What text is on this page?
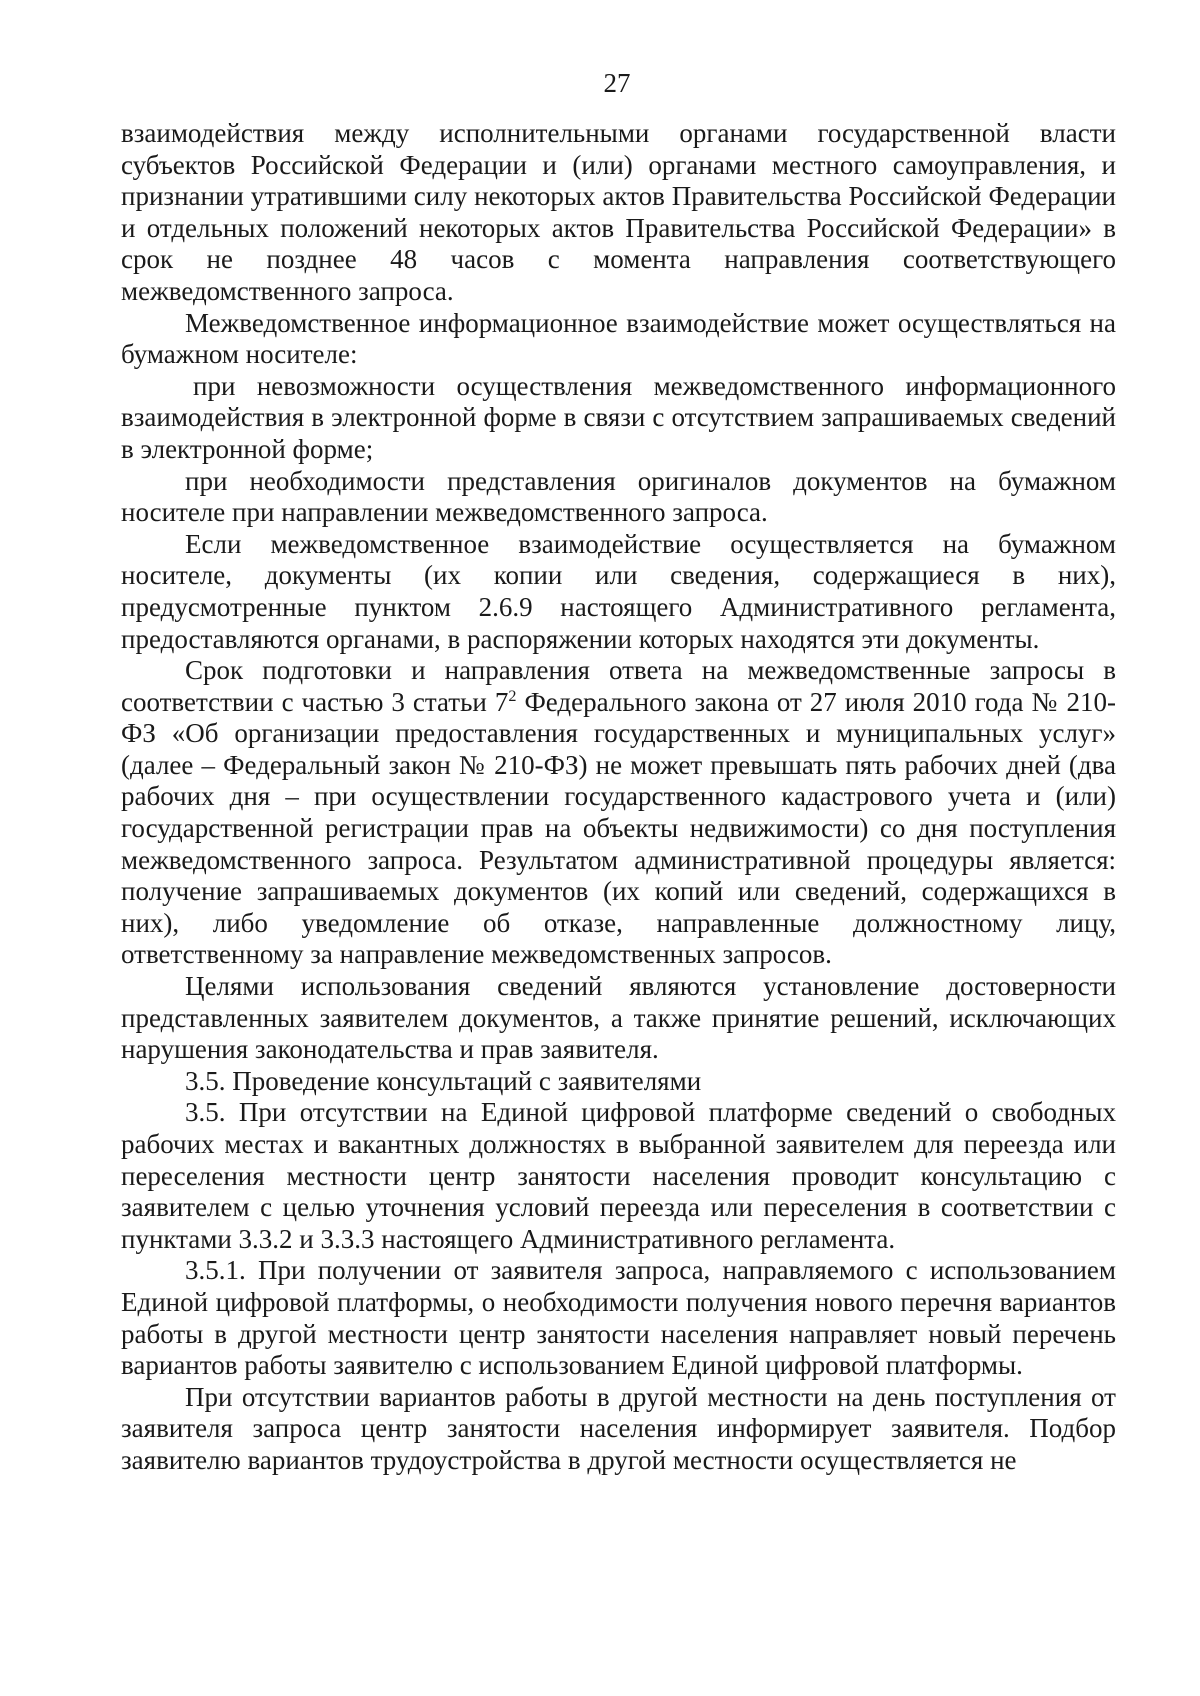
27

взаимодействия между исполнительными органами государственной власти субъектов Российской Федерации и (или) органами местного самоуправления, и признании утратившими силу некоторых актов Правительства Российской Федерации и отдельных положений некоторых актов Правительства Российской Федерации» в срок не позднее 48 часов с момента направления соответствующего межведомственного запроса.

Межведомственное информационное взаимодействие может осуществляться на бумажном носителе:

при невозможности осуществления межведомственного информационного взаимодействия в электронной форме в связи с отсутствием запрашиваемых сведений в электронной форме;

при необходимости представления оригиналов документов на бумажном носителе при направлении межведомственного запроса.

Если межведомственное взаимодействие осуществляется на бумажном носителе, документы (их копии или сведения, содержащиеся в них), предусмотренные пунктом 2.6.9 настоящего Административного регламента, предоставляются органами, в распоряжении которых находятся эти документы.

Срок подготовки и направления ответа на межведомственные запросы в соответствии с частью 3 статьи $7^2$ Федерального закона от 27 июля 2010 года № 210-ФЗ «Об организации предоставления государственных и муниципальных услуг» (далее – Федеральный закон № 210-ФЗ) не может превышать пять рабочих дней (два рабочих дня – при осуществлении государственного кадастрового учета и (или) государственной регистрации прав на объекты недвижимости) со дня поступления межведомственного запроса. Результатом административной процедуры является: получение запрашиваемых документов (их копий или сведений, содержащихся в них), либо уведомление об отказе, направленные должностному лицу, ответственному за направление межведомственных запросов.

Целями использования сведений являются установление достоверности представленных заявителем документов, а также принятие решений, исключающих нарушения законодательства и прав заявителя.

3.5. Проведение консультаций с заявителями

3.5. При отсутствии на Единой цифровой платформе сведений о свободных рабочих местах и вакантных должностях в выбранной заявителем для переезда или переселения местности центр занятости населения проводит консультацию с заявителем с целью уточнения условий переезда или переселения в соответствии с пунктами 3.3.2 и 3.3.3 настоящего Административного регламента.

3.5.1. При получении от заявителя запроса, направляемого с использованием Единой цифровой платформы, о необходимости получения нового перечня вариантов работы в другой местности центр занятости населения направляет новый перечень вариантов работы заявителю с использованием Единой цифровой платформы.

При отсутствии вариантов работы в другой местности на день поступления от заявителя запроса центр занятости населения информирует заявителя. Подбор заявителю вариантов трудоустройства в другой местности осуществляется не
